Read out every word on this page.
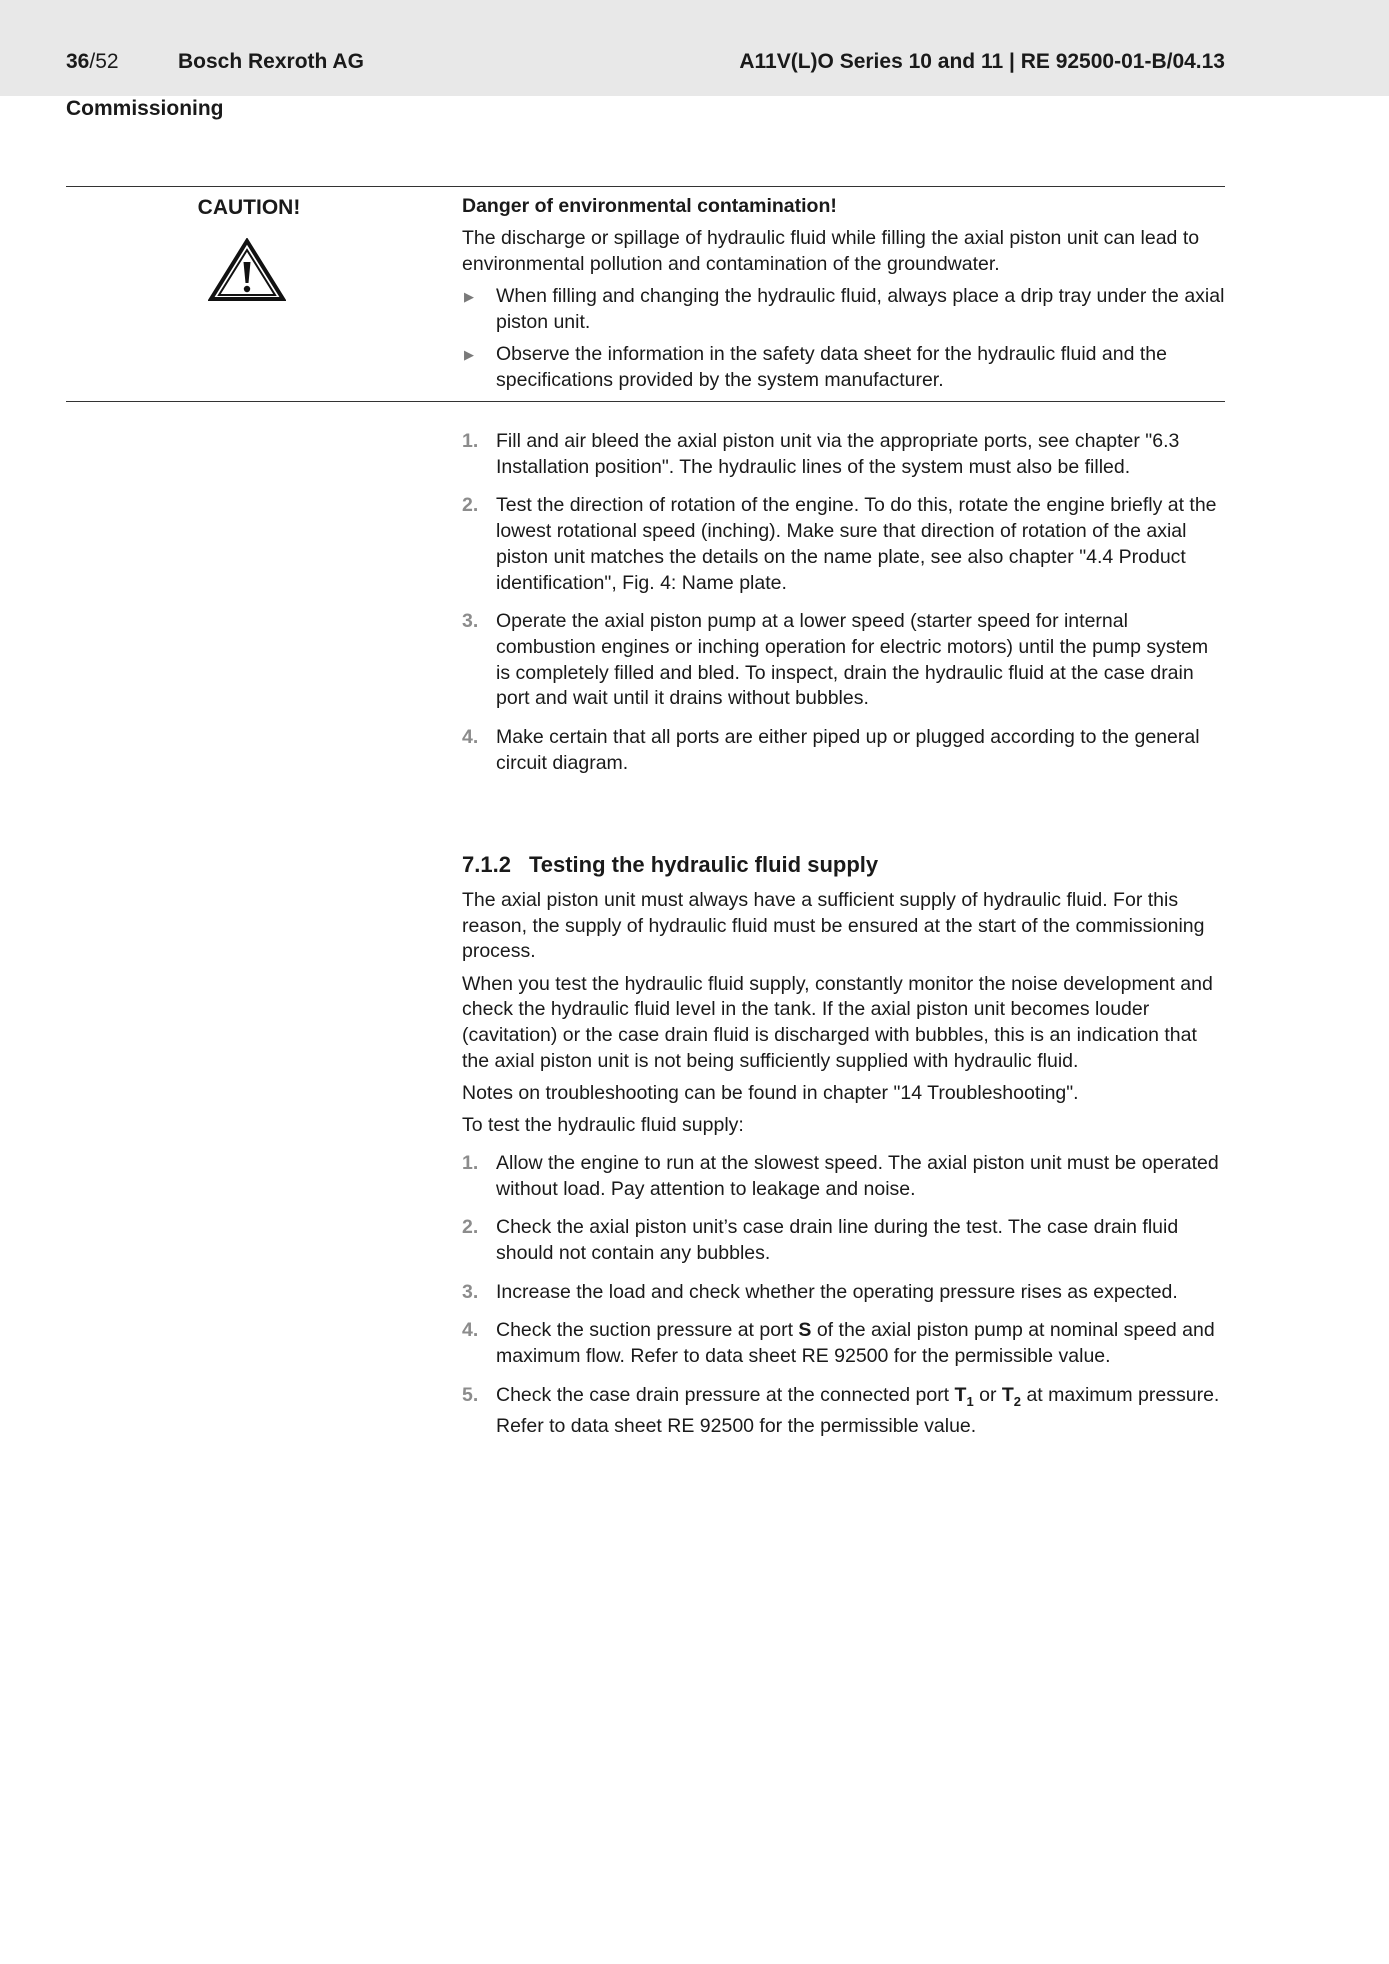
36/52	Bosch Rexroth AG	A11V(L)O Series 10 and 11 | RE 92500-01-B/04.13
Commissioning
CAUTION!	Danger of environmental contamination!

The discharge or spillage of hydraulic fluid while filling the axial piston unit can lead to environmental pollution and contamination of the groundwater.

▶ When filling and changing the hydraulic fluid, always place a drip tray under the axial piston unit.
▶ Observe the information in the safety data sheet for the hydraulic fluid and the specifications provided by the system manufacturer.
1. Fill and air bleed the axial piston unit via the appropriate ports, see chapter "6.3 Installation position". The hydraulic lines of the system must also be filled.
2. Test the direction of rotation of the engine. To do this, rotate the engine briefly at the lowest rotational speed (inching). Make sure that direction of rotation of the axial piston unit matches the details on the name plate, see also chapter "4.4 Product identification", Fig. 4: Name plate.
3. Operate the axial piston pump at a lower speed (starter speed for internal combustion engines or inching operation for electric motors) until the pump system is completely filled and bled. To inspect, drain the hydraulic fluid at the case drain port and wait until it drains without bubbles.
4. Make certain that all ports are either piped up or plugged according to the general circuit diagram.
7.1.2 Testing the hydraulic fluid supply

The axial piston unit must always have a sufficient supply of hydraulic fluid. For this reason, the supply of hydraulic fluid must be ensured at the start of the commissioning process.

When you test the hydraulic fluid supply, constantly monitor the noise development and check the hydraulic fluid level in the tank. If the axial piston unit becomes louder (cavitation) or the case drain fluid is discharged with bubbles, this is an indication that the axial piston unit is not being sufficiently supplied with hydraulic fluid.

Notes on troubleshooting can be found in chapter "14 Troubleshooting".

To test the hydraulic fluid supply:

1. Allow the engine to run at the slowest speed. The axial piston unit must be operated without load. Pay attention to leakage and noise.
2. Check the axial piston unit’s case drain line during the test. The case drain fluid should not contain any bubbles.
3. Increase the load and check whether the operating pressure rises as expected.
4. Check the suction pressure at port S of the axial piston pump at nominal speed and maximum flow. Refer to data sheet RE 92500 for the permissible value.
5. Check the case drain pressure at the connected port $T_1$ or $T_2$ at maximum pressure. Refer to data sheet RE 92500 for the permissible value.
